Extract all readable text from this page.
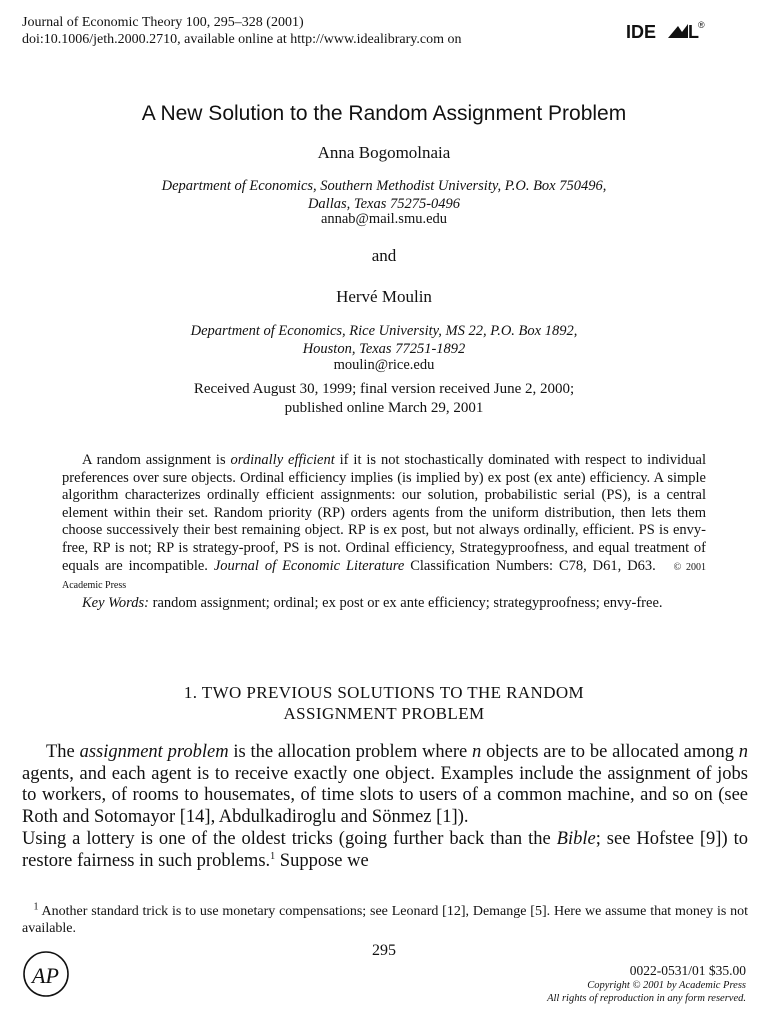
Journal of Economic Theory 100, 295–328 (2001)
doi:10.1006/jeth.2000.2710, available online at http://www.idealibrary.com on	IDE L ®
A New Solution to the Random Assignment Problem
Anna Bogomolnaia
Department of Economics, Southern Methodist University, P.O. Box 750496,
Dallas, Texas 75275-0496
annab@mail.smu.edu
and
Hervé Moulin
Department of Economics, Rice University, MS 22, P.O. Box 1892,
Houston, Texas 77251-1892
moulin@rice.edu
Received August 30, 1999; final version received June 2, 2000;
published online March 29, 2001
A random assignment is ordinally efficient if it is not stochastically dominated with respect to individual preferences over sure objects. Ordinal efficiency implies (is implied by) ex post (ex ante) efficiency. A simple algorithm characterizes ordinally efficient assignments: our solution, probabilistic serial (PS), is a central element within their set. Random priority (RP) orders agents from the uniform distribution, then lets them choose successively their best remaining object. RP is ex post, but not always ordinally, efficient. PS is envy-free, RP is not; RP is strategy-proof, PS is not. Ordinal efficiency, Strategyproofness, and equal treatment of equals are incompatible. Journal of Economic Literature Classification Numbers: C78, D61, D63. © 2001 Academic Press
Key Words: random assignment; ordinal; ex post or ex ante efficiency; strategyproofness; envy-free.
1. TWO PREVIOUS SOLUTIONS TO THE RANDOM
ASSIGNMENT PROBLEM

The assignment problem is the allocation problem where n objects are to be allocated among n agents, and each agent is to receive exactly one object. Examples include the assignment of jobs to workers, of rooms to housemates, of time slots to users of a common machine, and so on (see Roth and Sotomayor [14], Abdulkadiroglu and Sönmez [1]).

Using a lottery is one of the oldest tricks (going further back than the Bible; see Hofstee [9]) to restore fairness in such problems.$^1$ Suppose we

$^1$ Another standard trick is to use monetary compensations; see Leonard [12], Demange [5]. Here we assume that money is not available.
295
AP	0022-0531/01 $35.00
Copyright © 2001 by Academic Press
All rights of reproduction in any form reserved.
